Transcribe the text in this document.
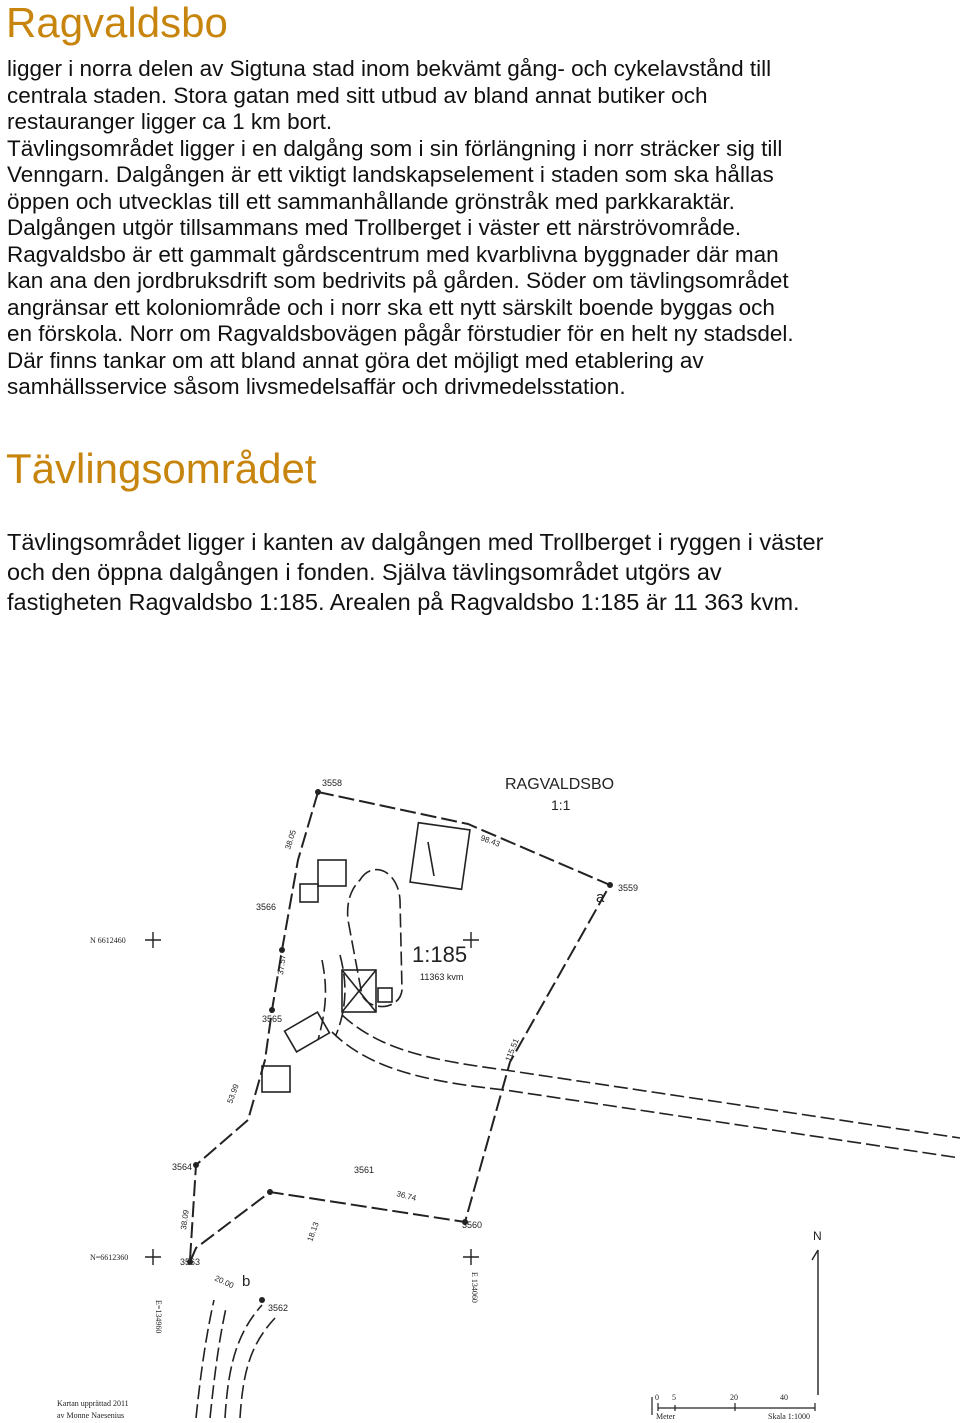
Ragvaldsbo
ligger i norra delen av Sigtuna stad inom bekvämt gång- och cykelavstånd till
centrala staden. Stora gatan med sitt utbud av bland annat butiker och
restauranger ligger ca 1 km bort.
Tävlingsområdet ligger i en dalgång som i sin förlängning i norr sträcker sig till
Venngarn. Dalgången är ett viktigt landskapselement i staden som ska hållas
öppen och utvecklas till ett sammanhållande grönstråk med parkkaraktär.
Dalgången utgör tillsammans med Trollberget i väster ett närströvområde.
Ragvaldsbo är ett gammalt gårdscentrum med kvarblivna byggnader där man
kan ana den jordbruksdrift som bedrivits på gården. Söder om tävlingsområdet
angränsar ett koloniområde och i norr ska ett nytt särskilt boende byggas och
en förskola. Norr om Ragvaldsbovägen pågår förstudier för en helt ny stadsdel.
Där finns tankar om att bland annat göra det möjligt med etablering av
samhällsservice såsom livsmedelsaffär och drivmedelsstation.
Tävlingsområdet
Tävlingsområdet ligger i kanten av dalgången med Trollberget i ryggen i väster
och den öppna dalgången i fonden. Själva tävlingsområdet utgörs av
fastigheten Ragvaldsbo 1:185. Arealen på Ragvaldsbo 1:185 är 11 363 kvm.
RAGVALDSBO
1:1
1:185
11363 kvm
3558
3559
3566
3565
3564	3561
3560
3563
3562
a
b
38.05	98.43
37.57
53.99
115.51
36.74
38.09
18.13
20.00
N 6612460
N=6612360
E=134960
E 134060
N
0 5	20	40
Meter	Skala 1:1000
Kartan upprättad 2011
av Monne Naesenius
